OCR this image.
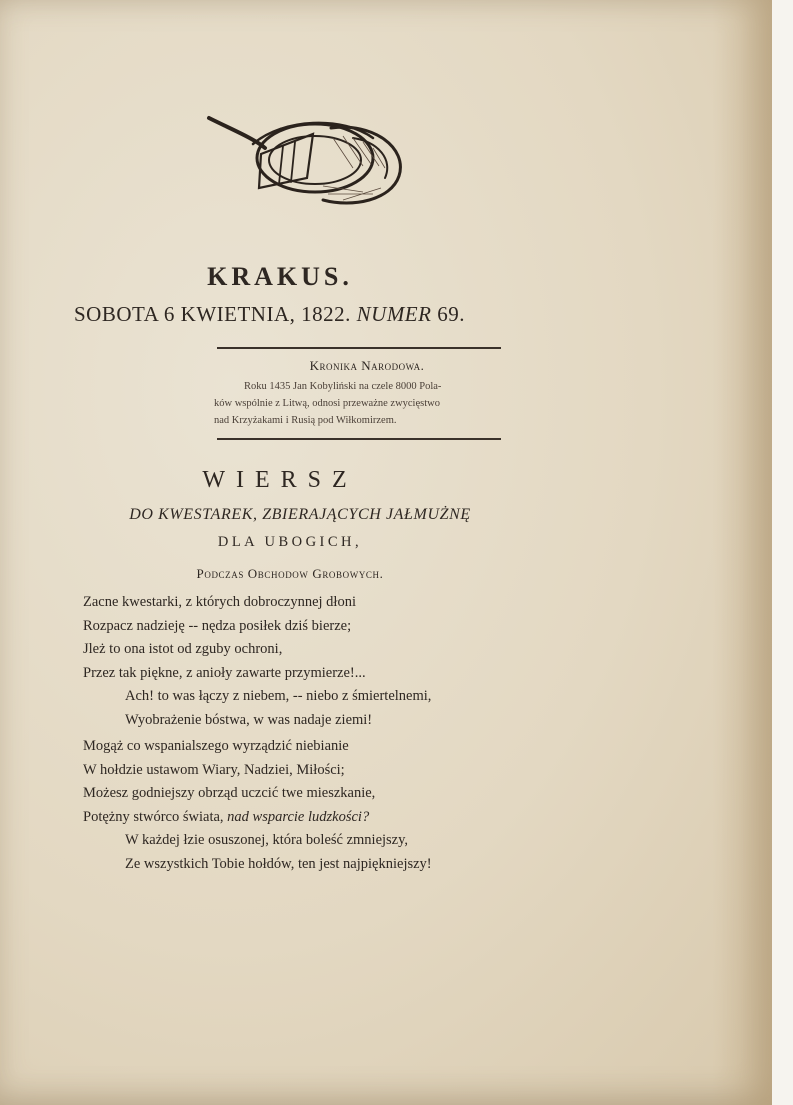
KRAKUS.
SOBOTA 6 KWIETNIA, 1822. NUMER 69.
Kronika Narodowa.
Roku 1435 Jan Kobyliński na czele 8000 Pola-
ków wspólnie z Litwą, odnosi przeważne zwycięstwo
nad Krzyżakami i Rusią pod Wiłkomirzem.
WIERSZ
DO KWESTAREK, ZBIERAJĄCYCH JAŁMUŻNĘ
DLA UBOGICH,
Podczas Obchodow Grobowych.
Zacne kwestarki, z których dobroczynnej dłoni
Rozpacz nadzieję -- nędza posiłek dziś bierze;
Jleż to ona istot od zguby ochroni,
Przez tak piękne, z anioły zawarte przymierze!...
Ach! to was łączy z niebem, -- niebo z śmiertelnemi,
Wyobrażenie bóstwa, w was nadaje ziemi!
Mogąż co wspanialszego wyrządzić niebianie
W hołdzie ustawom Wiary, Nadziei, Miłości;
Możesz godniejszy obrząd uczcić twe mieszkanie,
Potężny stwórco świata, nad wsparcie ludzkości?
W każdej łzie osuszonej, która boleść zmniejszy,
Ze wszystkich Tobie hołdów, ten jest najpiękniejszy!
